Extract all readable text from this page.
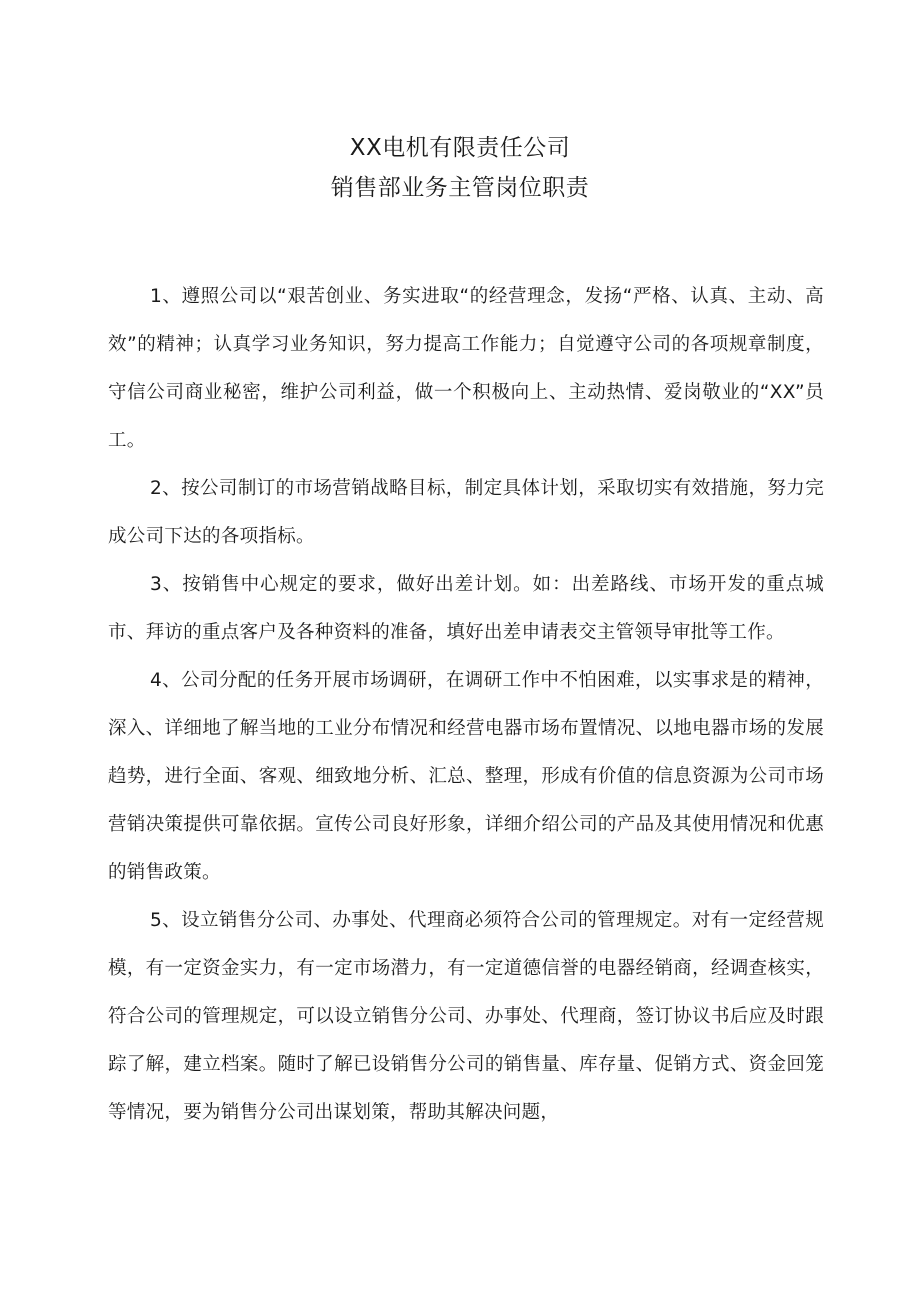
XX电机有限责任公司
销售部业务主管岗位职责

1、遵照公司以“艰苦创业、务实进取“的经营理念，发扬“严格、认真、主动、高效”的精神；认真学习业务知识，努力提高工作能力；自觉遵守公司的各项规章制度，守信公司商业秘密，维护公司利益，做一个积极向上、主动热情、爱岗敬业的“XX”员工。

2、按公司制订的市场营销战略目标，制定具体计划，采取切实有效措施，努力完成公司下达的各项指标。

3、按销售中心规定的要求，做好出差计划。如：出差路线、市场开发的重点城市、拜访的重点客户及各种资料的准备，填好出差申请表交主管领导审批等工作。

4、公司分配的任务开展市场调研，在调研工作中不怕困难，以实事求是的精神，深入、详细地了解当地的工业分布情况和经营电器市场布置情况、以地电器市场的发展趋势，进行全面、客观、细致地分析、汇总、整理，形成有价值的信息资源为公司市场营销决策提供可靠依据。宣传公司良好形象，详细介绍公司的产品及其使用情况和优惠的销售政策。

5、设立销售分公司、办事处、代理商必须符合公司的管理规定。对有一定经营规模，有一定资金实力，有一定市场潜力，有一定道德信誉的电器经销商，经调查核实，符合公司的管理规定，可以设立销售分公司、办事处、代理商，签订协议书后应及时跟踪了解，建立档案。随时了解已设销售分公司的销售量、库存量、促销方式、资金回笼等情况，要为销售分公司出谋划策，帮助其解决问题，
